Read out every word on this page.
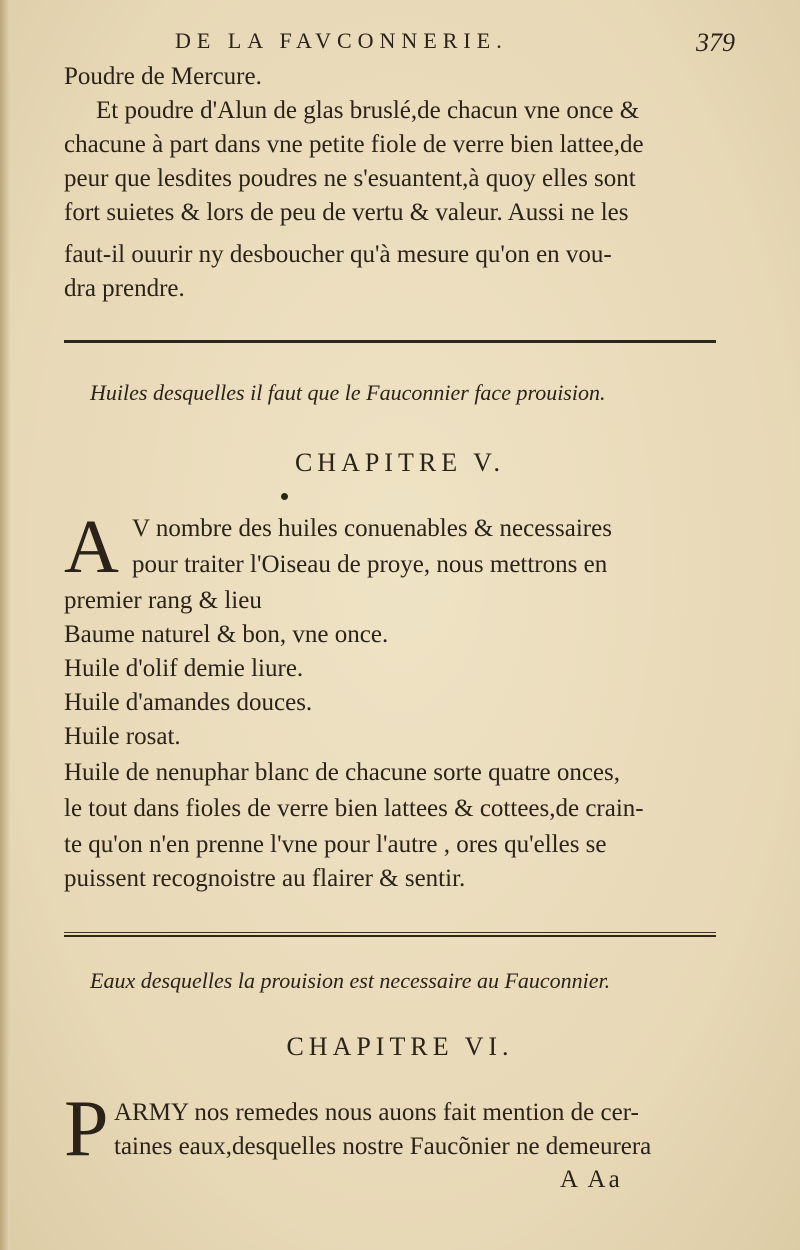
DE LA FAVCONNERIE.	379
Poudre de Mercure.
Et poudre d'Alun de glas bruslé,de chacun vne once &
chacune à part dans vne petite fiole de verre bien lattee,de
peur que lesdites poudres ne s'esuantent,à quoy elles sont
fort suietes & lors de peu de vertu & valeur. Aussi ne les
faut-il ouurir ny desboucher qu'à mesure qu'on en vou-
dra prendre.
Huiles desquelles il faut que le Fauconnier face prouision.
CHAPITRE V.
A V nombre des huiles conuenables & necessaires
pour traiter l'Oiseau de proye, nous mettrons en
premier rang & lieu
Baume naturel & bon, vne once.
Huile d'olif demie liure.
Huile d'amandes douces.
Huile rosat.
Huile de nenuphar blanc de chacune sorte quatre onces,
le tout dans fioles de verre bien lattees & cottees,de crain-
te qu'on n'en prenne l'vne pour l'autre , ores qu'elles se
puissent recognoistre au flairer & sentir.
Eaux desquelles la prouision est necessaire au Fauconnier.
CHAPITRE VI.
P ARMY nos remedes nous auons fait mention de cer-
taines eaux,desquelles nostre Faucõnier ne demeurera
A Aa
